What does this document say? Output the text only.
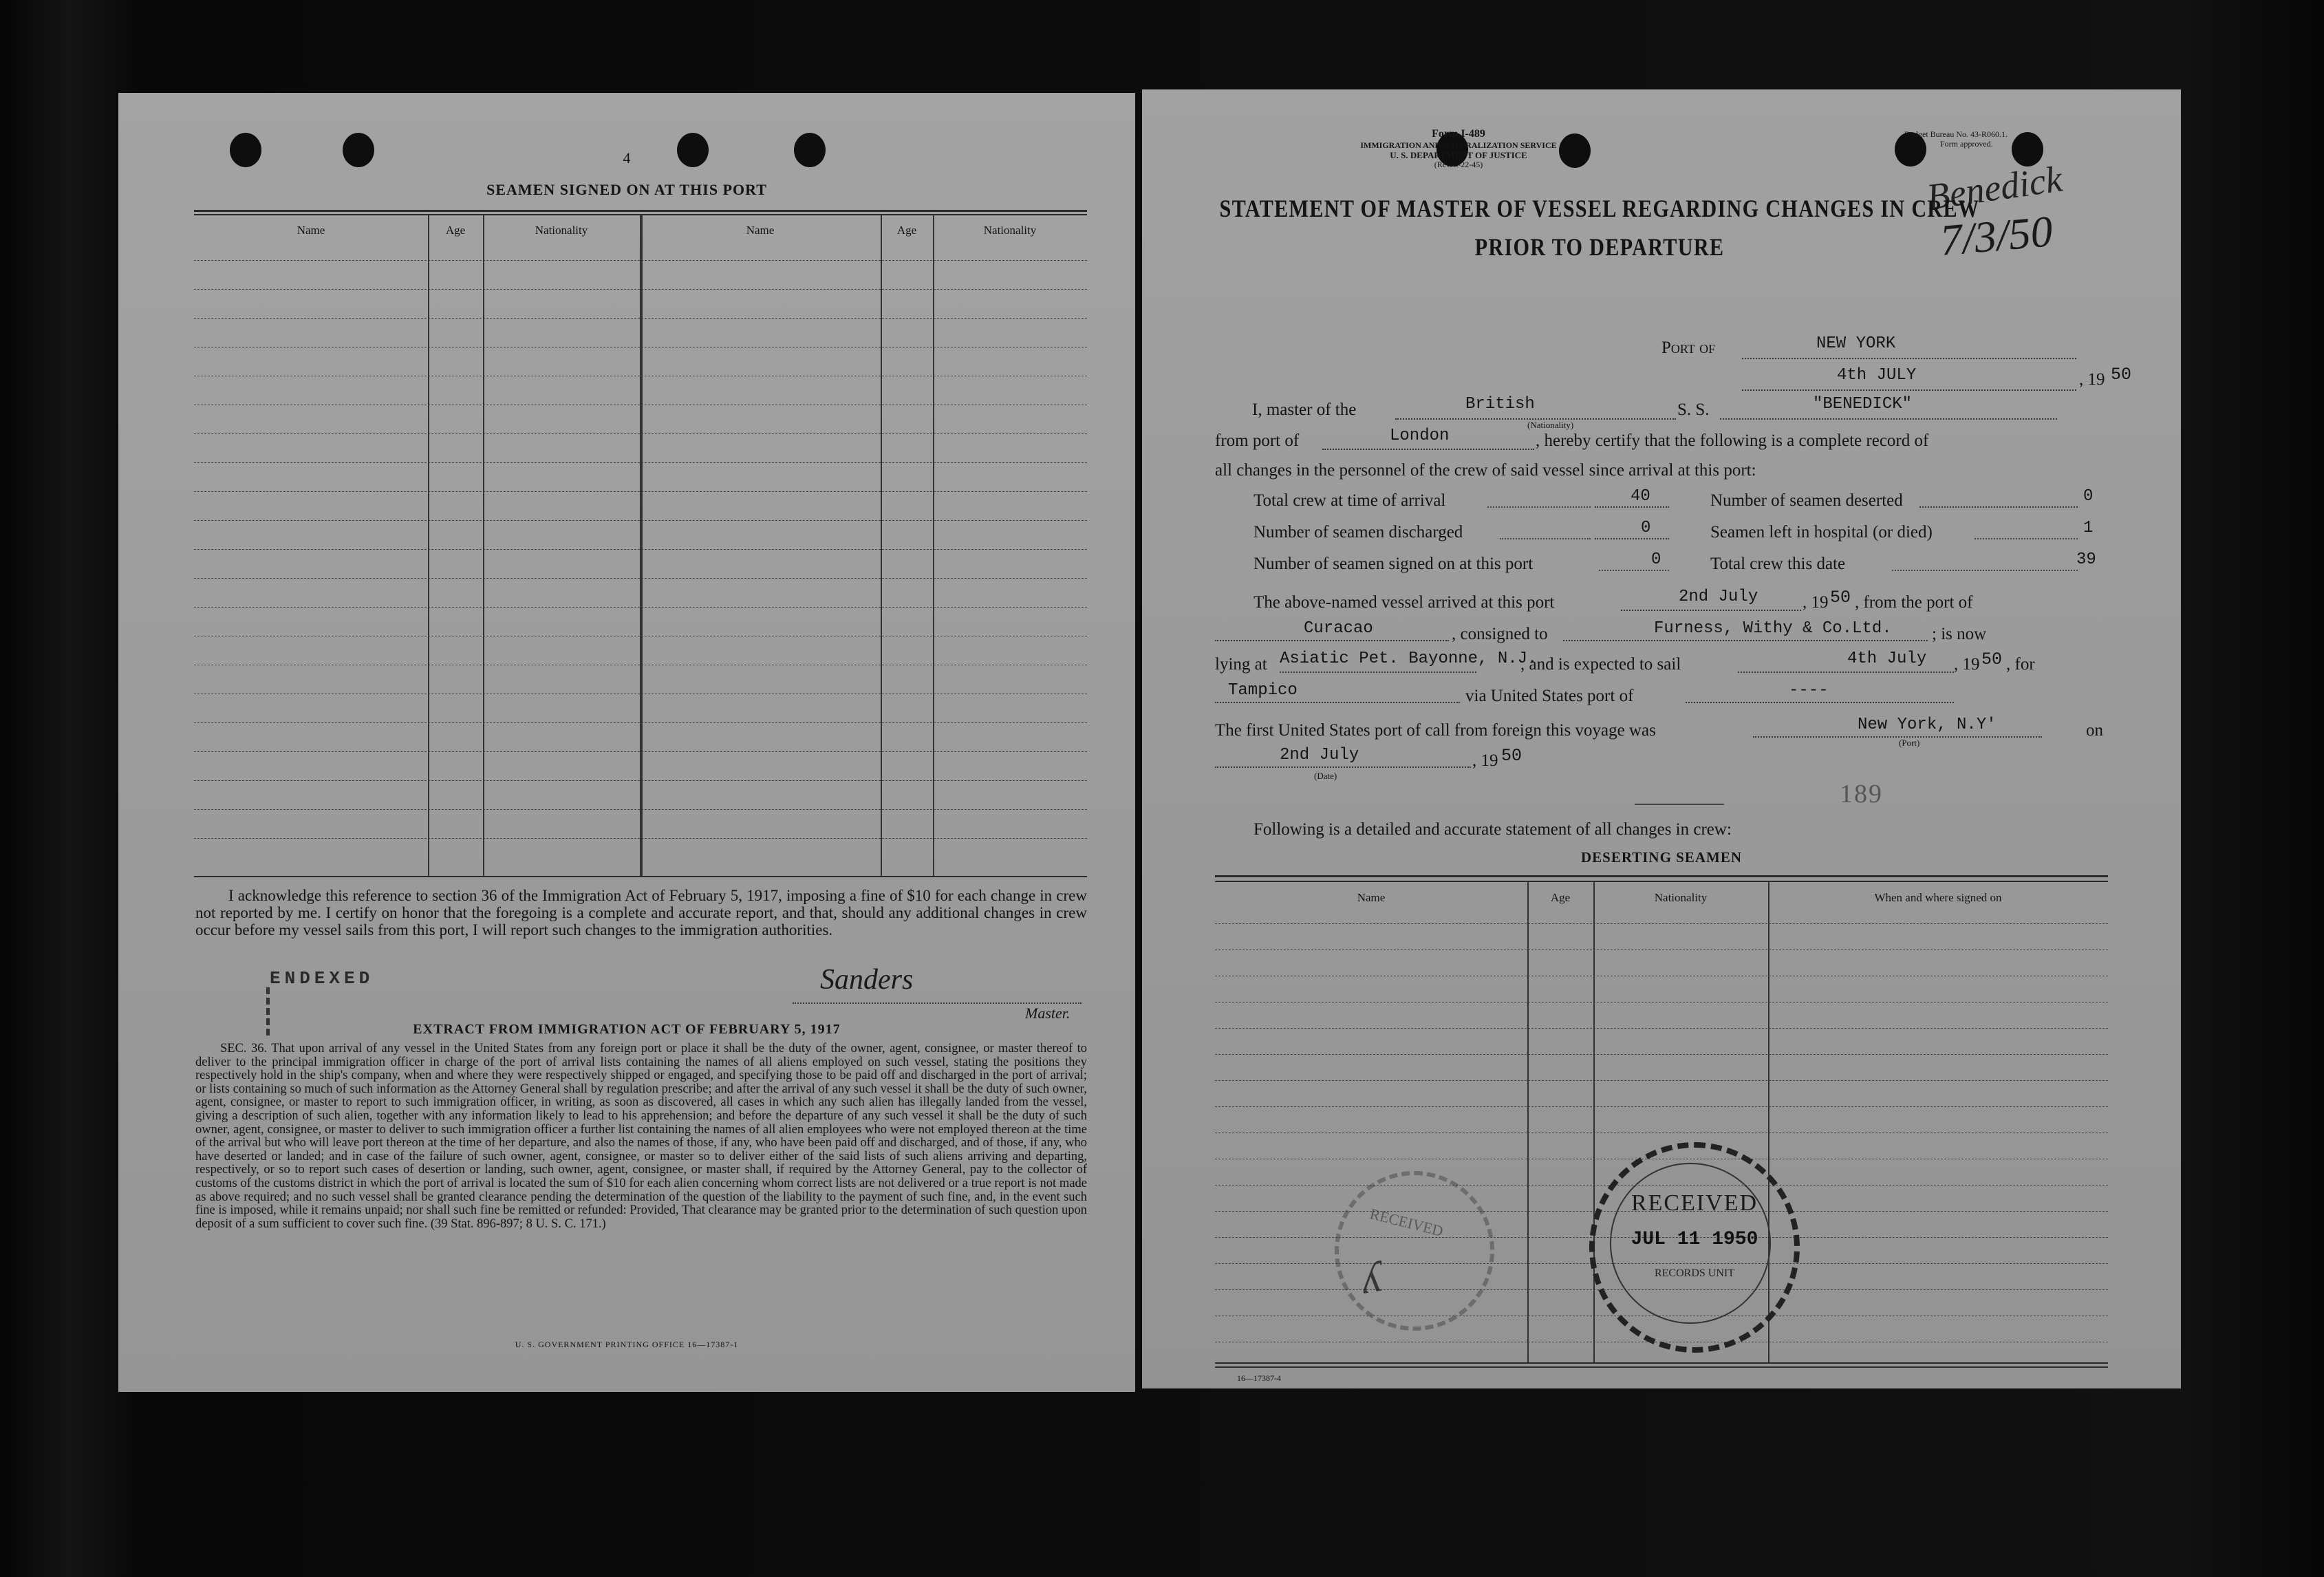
4
SEAMEN SIGNED ON AT THIS PORT
Name	Age	Nationality	Name	Age	Nationality
I acknowledge this reference to section 36 of the Immigration Act of February 5, 1917, imposing a fine of $10 for each change in crew not reported by me. I certify on honor that the foregoing is a complete and accurate report, and that, should any additional changes in crew occur before my vessel sails from this port, I will report such changes to the immigration authorities.
ENDEXED	Sanders
Master.
EXTRACT FROM IMMIGRATION ACT OF FEBRUARY 5, 1917
SEC. 36. That upon arrival of any vessel in the United States from any foreign port or place it shall be the duty of the owner, agent, consignee, or master thereof to deliver to the principal immigration officer in charge of the port of arrival lists containing the names of all aliens employed on such vessel, stating the positions they respectively hold in the ship's company, when and where they were respectively shipped or engaged, and specifying those to be paid off and discharged in the port of arrival; or lists containing so much of such information as the Attorney General shall by regulation prescribe; and after the arrival of any such vessel it shall be the duty of such owner, agent, consignee, or master to report to such immigration officer, in writing, as soon as discovered, all cases in which any such alien has illegally landed from the vessel, giving a description of such alien, together with any information likely to lead to his apprehension; and before the departure of any such vessel it shall be the duty of such owner, agent, consignee, or master to deliver to such immigration officer a further list containing the names of all alien employees who were not employed thereon at the time of the arrival but who will leave port thereon at the time of her departure, and also the names of those, if any, who have been paid off and discharged, and of those, if any, who have deserted or landed; and in case of the failure of such owner, agent, consignee, or master so to deliver either of the said lists of such aliens arriving and departing, respectively, or so to report such cases of desertion or landing, such owner, agent, consignee, or master shall, if required by the Attorney General, pay to the collector of customs of the customs district in which the port of arrival is located the sum of $10 for each alien concerning whom correct lists are not delivered or a true report is not made as above required; and no such vessel shall be granted clearance pending the determination of the question of the liability to the payment of such fine, and, in the event such fine is imposed, while it remains unpaid; nor shall such fine be remitted or refunded: Provided, That clearance may be granted prior to the determination of such question upon deposit of a sum sufficient to cover such fine. (39 Stat. 896-897; 8 U. S. C. 171.)
U. S. GOVERNMENT PRINTING OFFICE 16—17387-1
Form I-489
IMMIGRATION AND NATURALIZATION SERVICE
U. S. DEPARTMENT OF JUSTICE
(Rev. 3-22-45)
Budget Bureau No. 43-R060.1.
Form approved.
Benedick
7/3/50
STATEMENT OF MASTER OF VESSEL REGARDING CHANGES IN CREW
PRIOR TO DEPARTURE
Port of	NEW YORK
4th JULY	, 19 50
I, master of the	British
(Nationality)
S. S.	"BENEDICK"
from port of	London	, hereby certify that the following is a complete record of
all changes in the personnel of the crew of said vessel since arrival at this port:
Total crew at time of arrival	40	Number of seamen deserted	0
Number of seamen discharged	0	Seamen left in hospital (or died)	1
Number of seamen signed on at this port	0	Total crew this date	39
The above-named vessel arrived at this port	2nd July	, 19 50 , from the port of
Curacao	, consigned to	Furness, Withy & Co.Ltd. ; is now
lying at Asiatic Pet. Bayonne, N.J.
, and is expected to sail	4th July , 19 50 , for
Tampico	via United States port of	----
The first United States port of call from foreign this voyage was	New York, N.Y'
(Port)
on
2nd July
(Date)
, 19 50
189
Following is a detailed and accurate statement of all changes in crew:
DESERTING SEAMEN
Name	Age	Nationality	When and where signed on
RECEIVED
ʎ
RECEIVED
JUL 11 1950
RECORDS UNIT
16—17387-4
